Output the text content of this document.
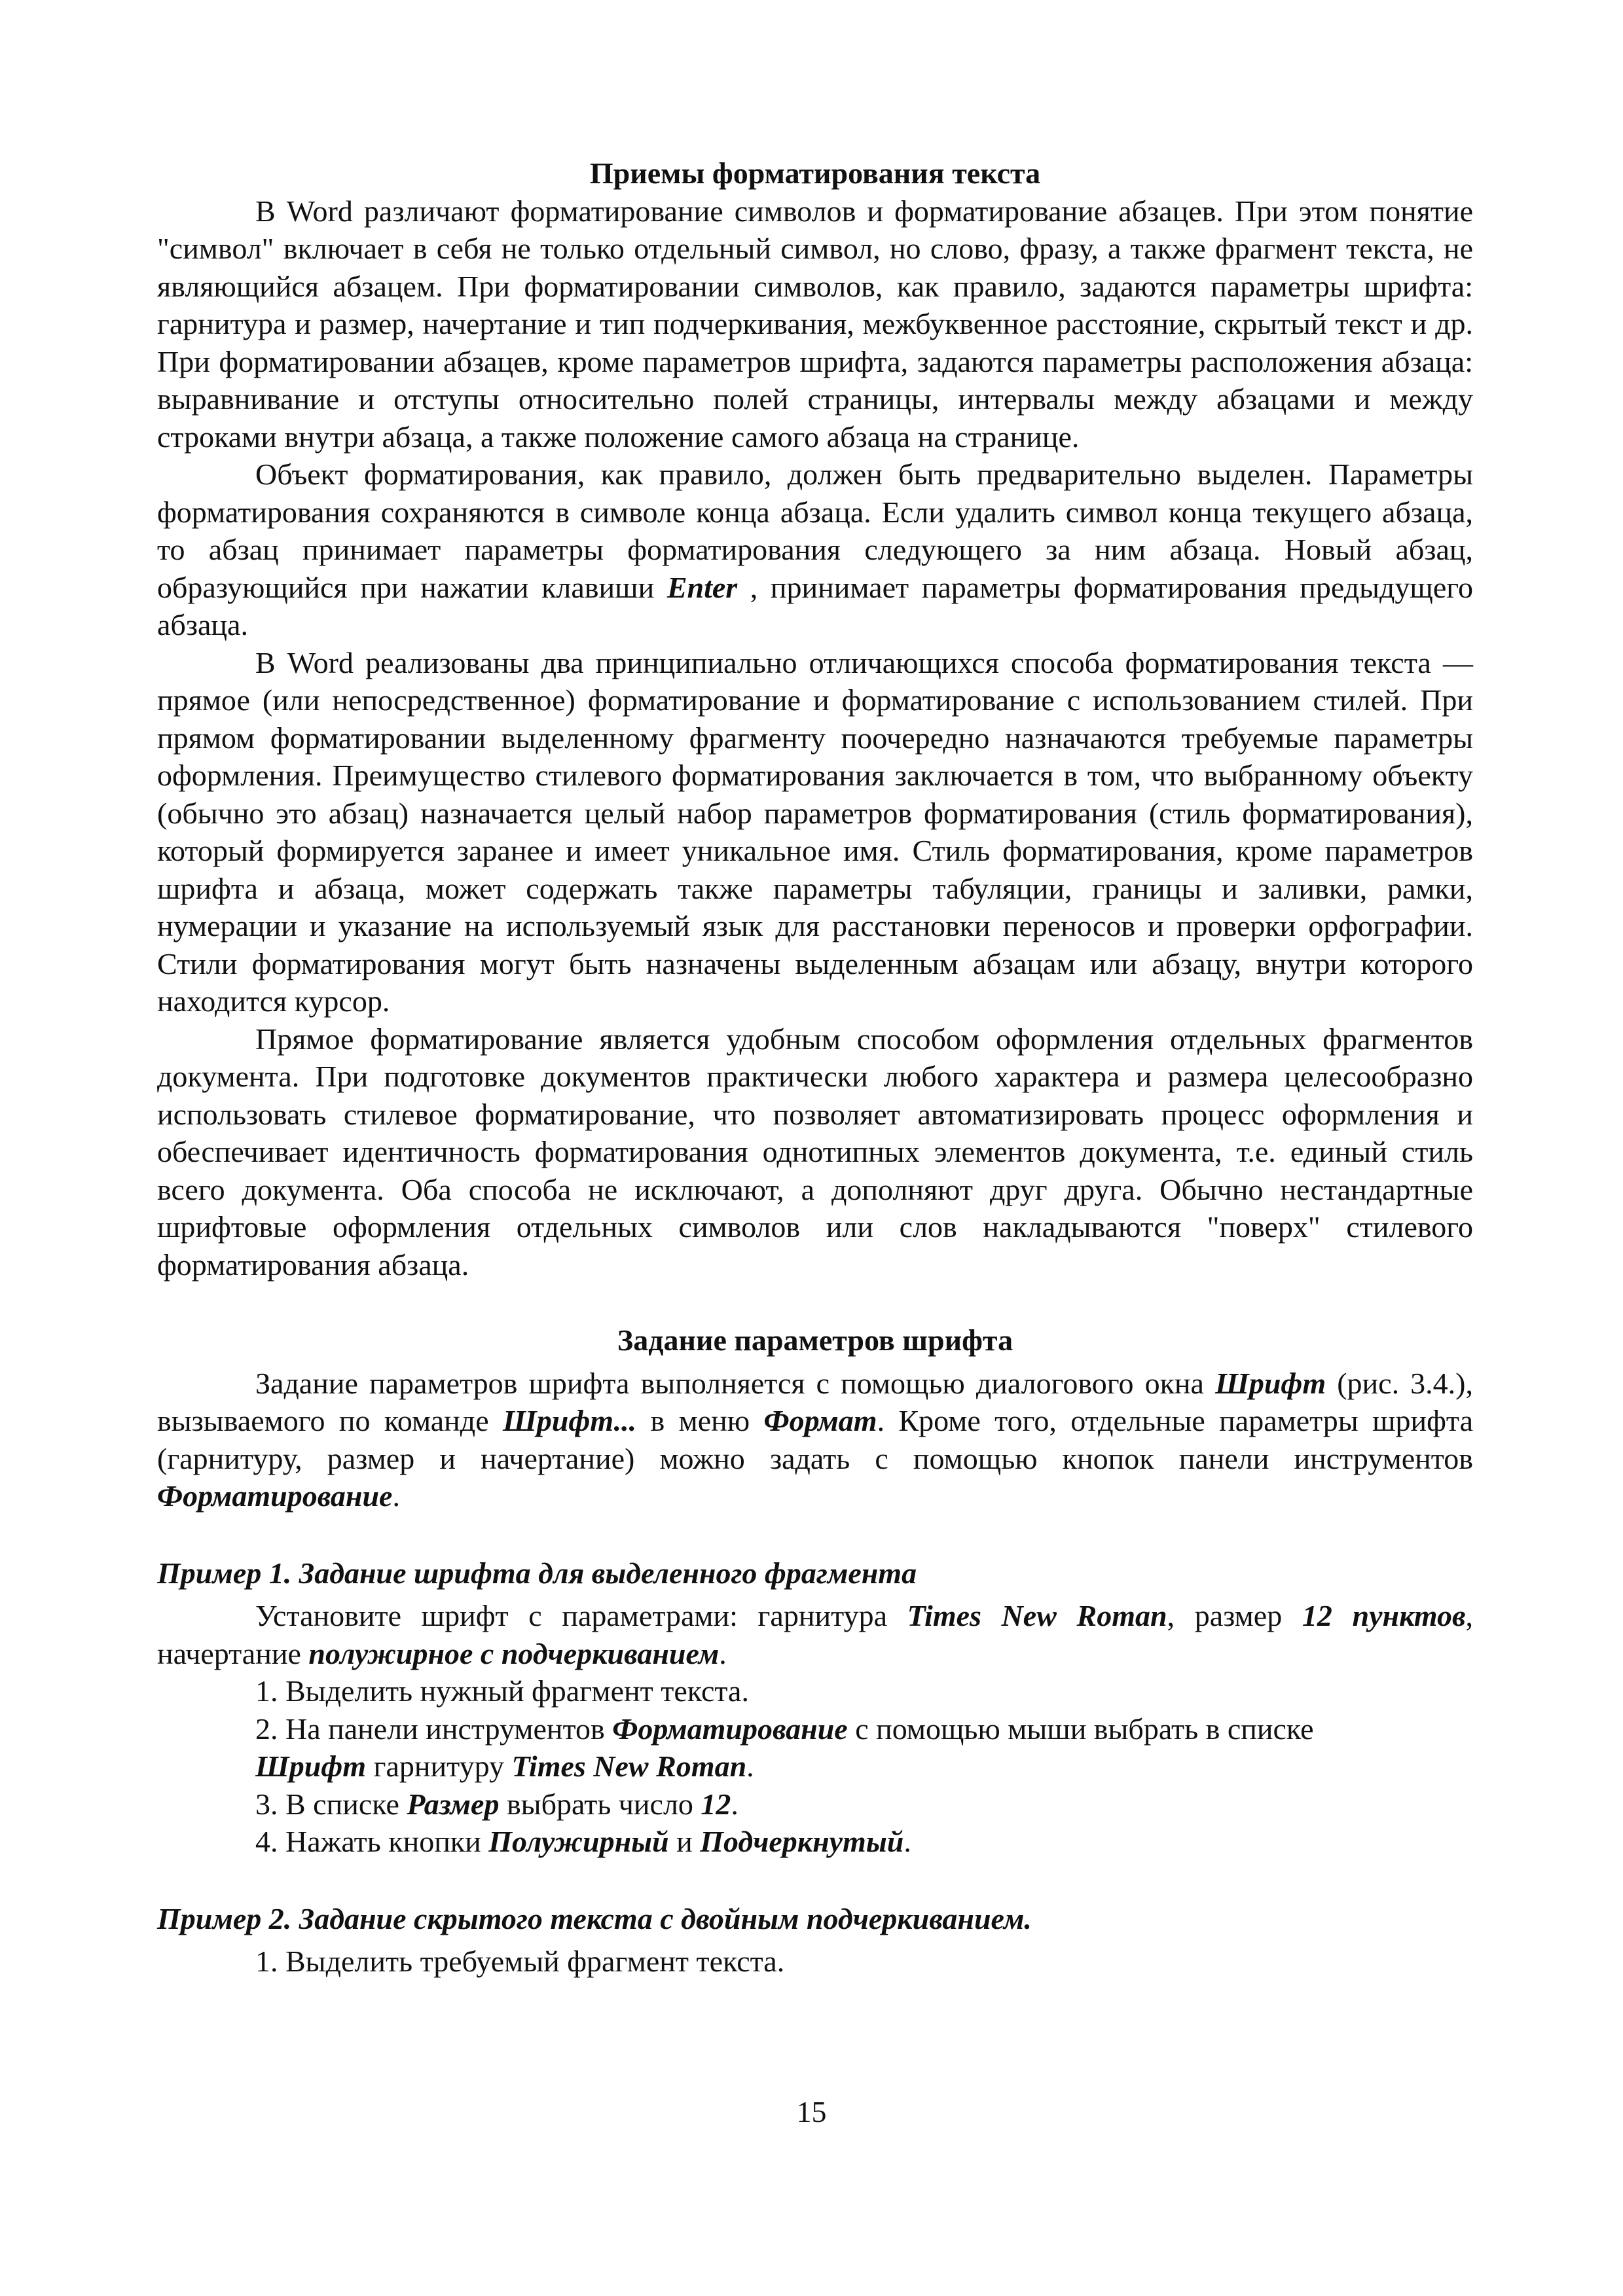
Приемы форматирования текста

В Word различают форматирование символов и форматирование абзацев. При этом понятие "символ" включает в себя не только отдельный символ, но слово, фразу, а также фрагмент текста, не являющийся абзацем. При форматировании символов, как правило, задаются параметры шрифта: гарнитура и размер, начертание и тип подчеркивания, межбуквенное расстояние, скрытый текст и др. При форматировании абзацев, кроме параметров шрифта, задаются параметры расположения абзаца: выравнивание и отступы относительно полей страницы, интервалы между абзацами и между строками внутри абзаца, а также положение самого абзаца на странице.

Объект форматирования, как правило, должен быть предварительно выделен. Параметры форматирования сохраняются в символе конца абзаца. Если удалить символ конца текущего абзаца, то абзац принимает параметры форматирования следующего за ним абзаца. Новый абзац, образующийся при нажатии клавиши Enter , принимает параметры форматирования предыдущего абзаца.

В Word реализованы два принципиально отличающихся способа форматирования текста — прямое (или непосредственное) форматирование и форматирование с использованием стилей. При прямом форматировании выделенному фрагменту поочередно назначаются требуемые параметры оформления. Преимущество стилевого форматирования заключается в том, что выбранному объекту (обычно это абзац) назначается целый набор параметров форматирования (стиль форматирования), который формируется заранее и имеет уникальное имя. Стиль форматирования, кроме параметров шрифта и абзаца, может содержать также параметры табуляции, границы и заливки, рамки, нумерации и указание на используемый язык для расстановки переносов и проверки орфографии. Стили форматирования могут быть назначены выделенным абзацам или абзацу, внутри которого находится курсор.

Прямое форматирование является удобным способом оформления отдельных фрагментов документа. При подготовке документов практически любого характера и размера целесообразно использовать стилевое форматирование, что позволяет автоматизировать процесс оформления и обеспечивает идентичность форматирования однотипных элементов документа, т.е. единый стиль всего документа. Оба способа не исключают, а дополняют друг друга. Обычно нестандартные шрифтовые оформления отдельных символов или слов накладываются "поверх" стилевого форматирования абзаца.

Задание параметров шрифта

Задание параметров шрифта выполняется с помощью диалогового окна Шрифт (рис. 3.4.), вызываемого по команде Шрифт... в меню Формат. Кроме того, отдельные параметры шрифта (гарнитуру, размер и начертание) можно задать с помощью кнопок панели инструментов Форматирование.

Пример 1. Задание шрифта для выделенного фрагмента

Установите шрифт с параметрами: гарнитура Times New Roman, размер 12 пунктов, начертание полужирное с подчеркиванием.

1. Выделить нужный фрагмент текста.

2. На панели инструментов Форматирование с помощью мыши выбрать в списке
Шрифт гарнитуру Times New Roman.

3. В списке Размер выбрать число 12.

4. Нажать кнопки Полужирный и Подчеркнутый.

Пример 2. Задание скрытого текста с двойным подчеркиванием.

1. Выделить требуемый фрагмент текста.

15
